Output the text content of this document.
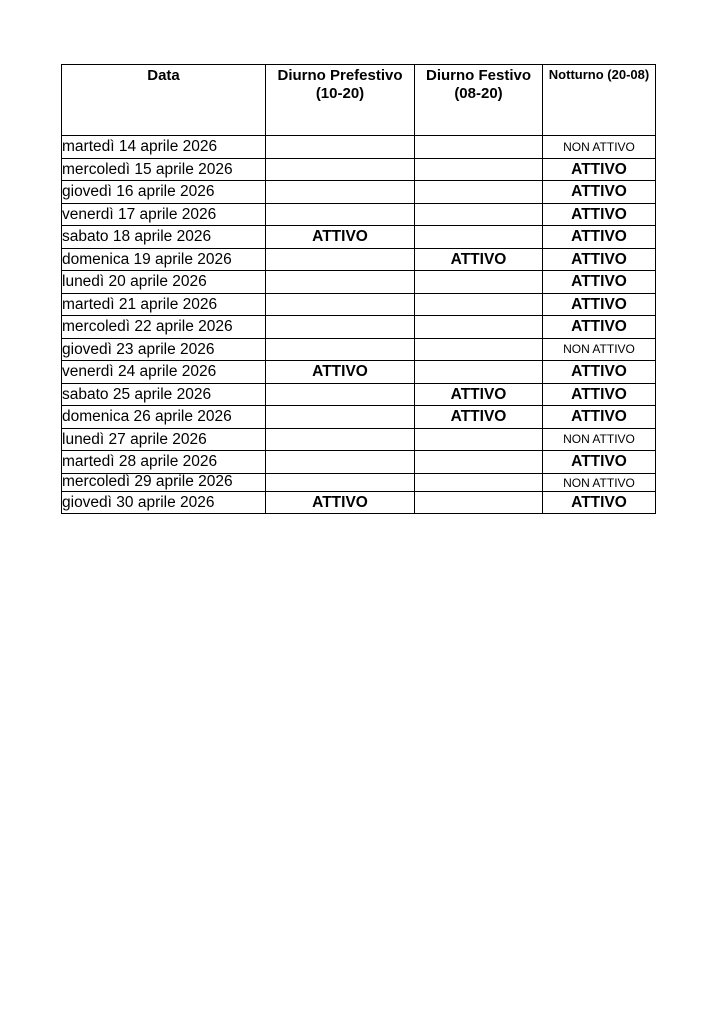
Data	Diurno Prefestivo (10-20)	Diurno Festivo (08-20)	Notturno (20-08)
martedì 14 aprile 2026			NON ATTIVO
mercoledì 15 aprile 2026			ATTIVO
giovedì 16 aprile 2026			ATTIVO
venerdì 17 aprile 2026			ATTIVO
sabato 18 aprile 2026	ATTIVO		ATTIVO
domenica 19 aprile 2026		ATTIVO	ATTIVO
lunedì 20 aprile 2026			ATTIVO
martedì 21 aprile 2026			ATTIVO
mercoledì 22 aprile 2026			ATTIVO
giovedì 23 aprile 2026			NON ATTIVO
venerdì 24 aprile 2026	ATTIVO		ATTIVO
sabato 25 aprile 2026		ATTIVO	ATTIVO
domenica 26 aprile 2026		ATTIVO	ATTIVO
lunedì 27 aprile 2026			NON ATTIVO
martedì 28 aprile 2026			ATTIVO
mercoledì 29 aprile 2026			NON ATTIVO
giovedì 30 aprile 2026	ATTIVO		ATTIVO
